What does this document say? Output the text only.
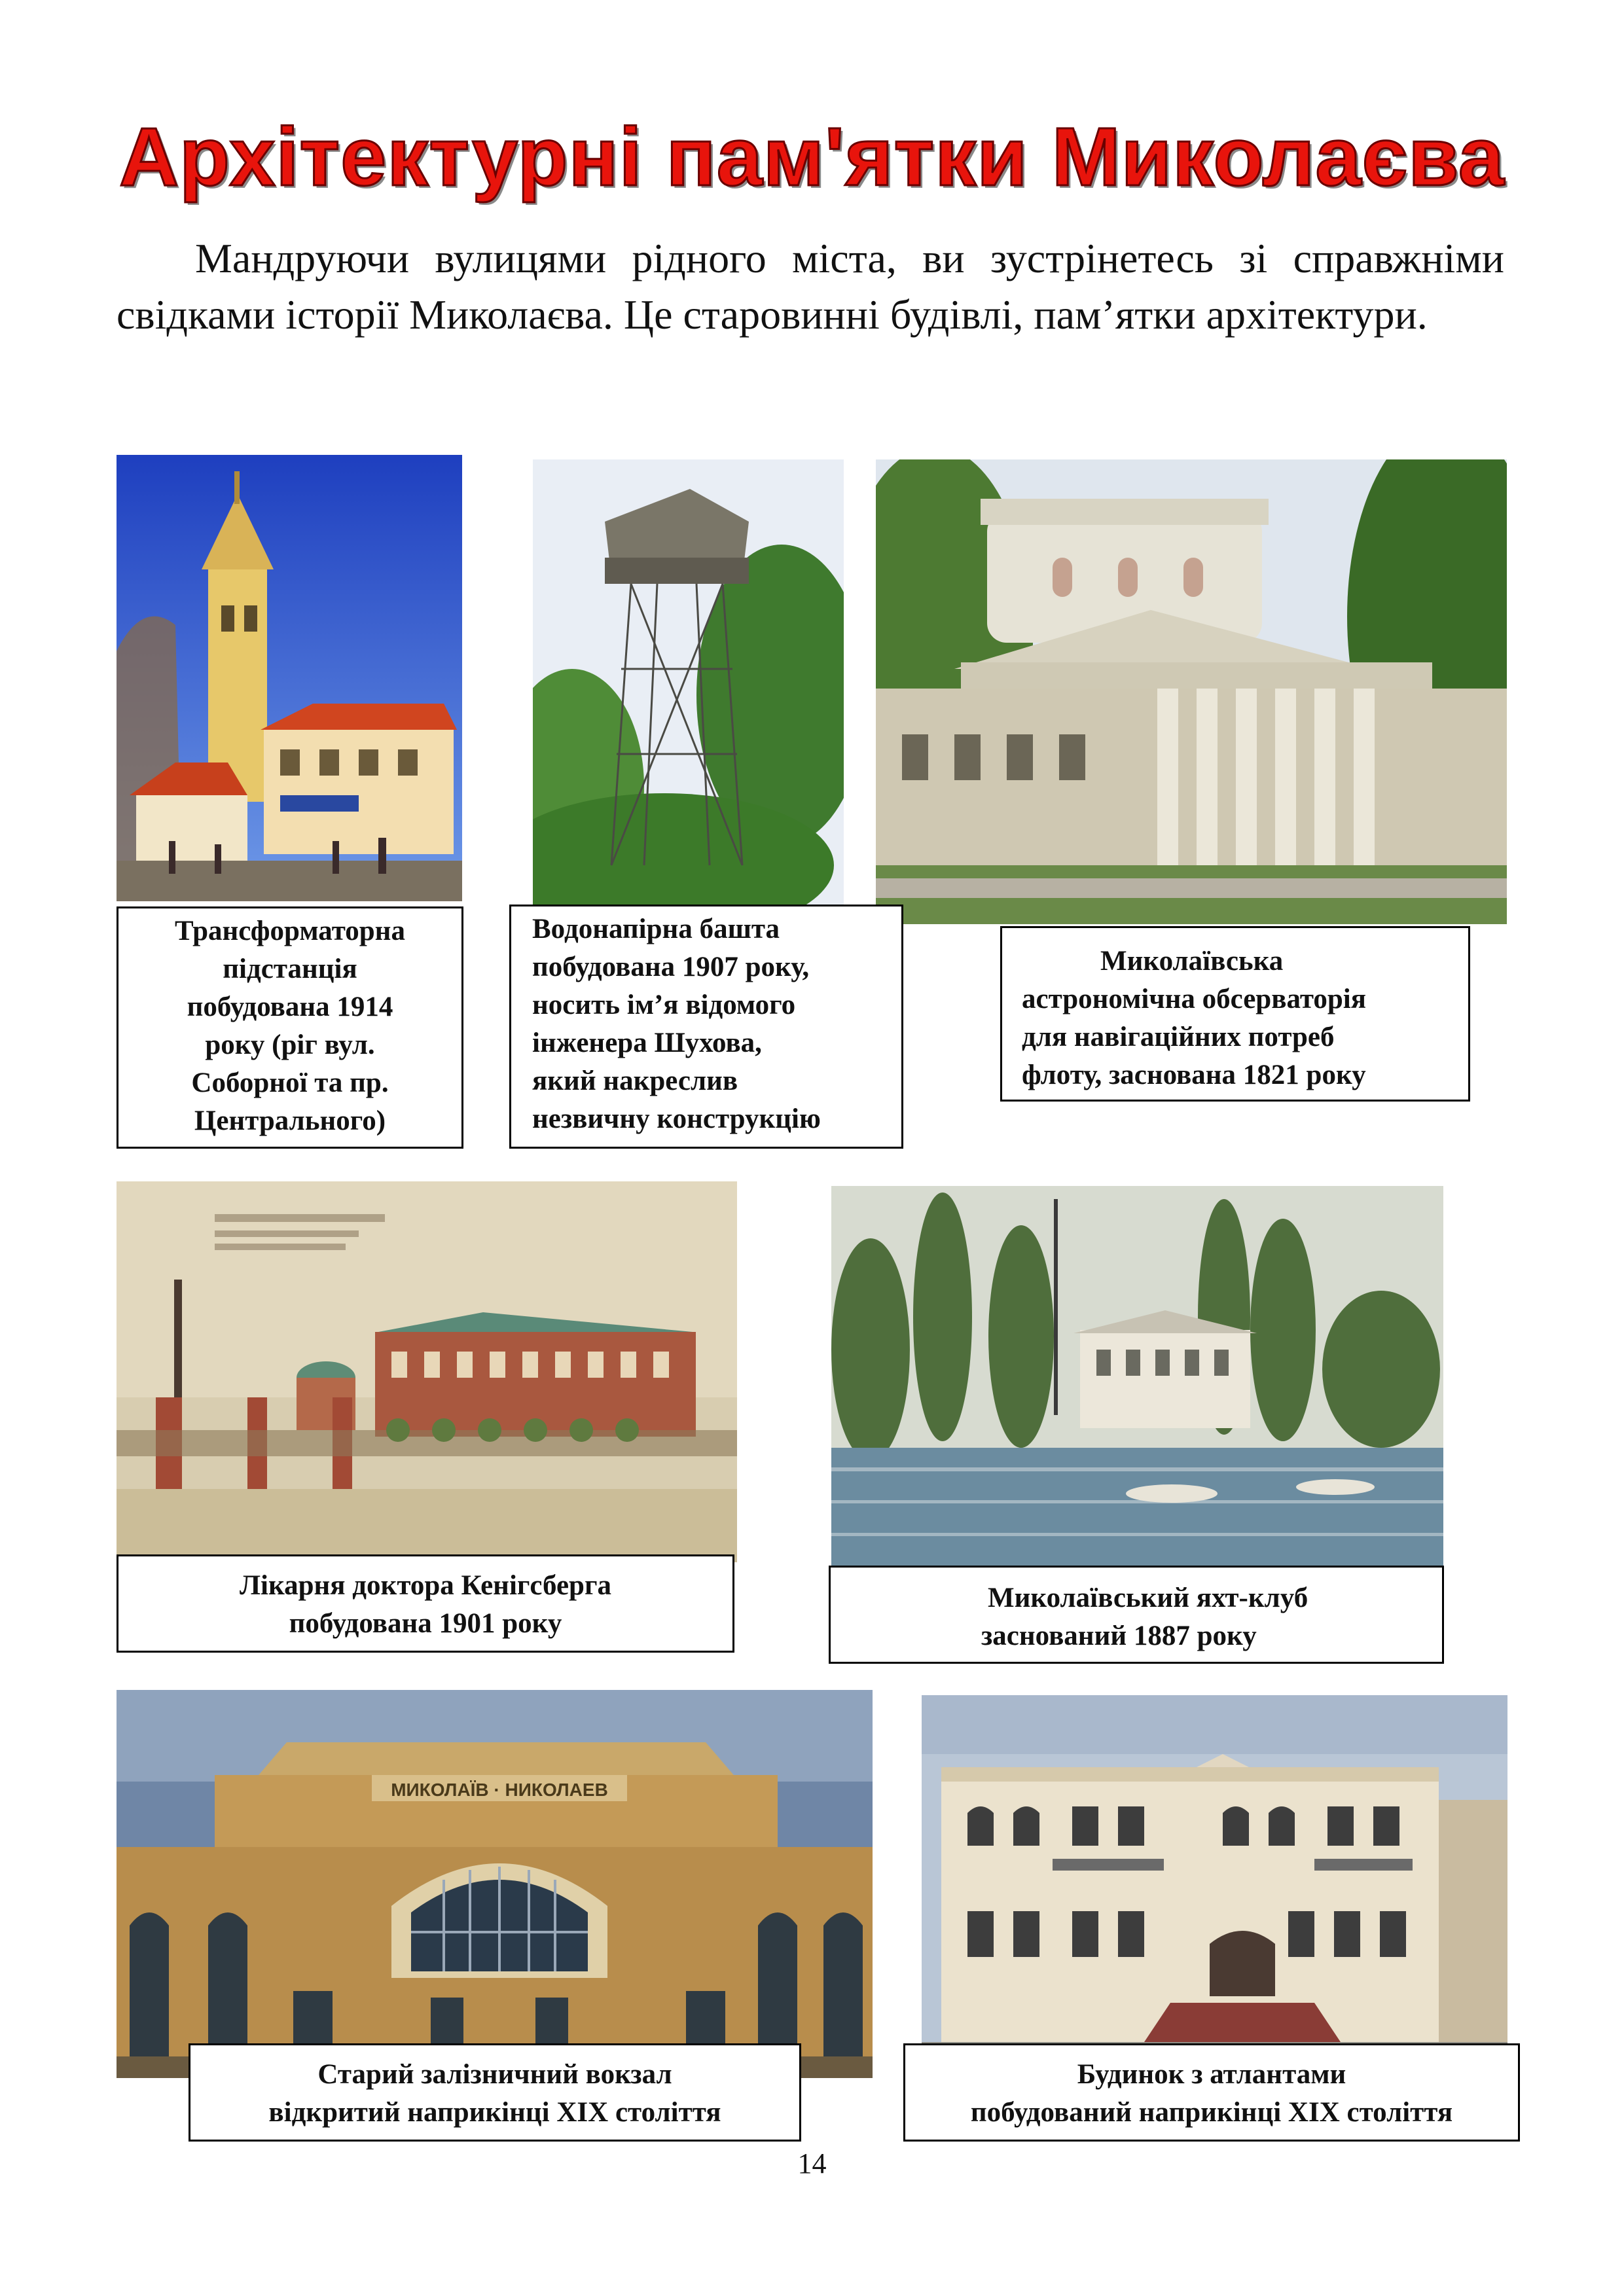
Архітектурні пам'ятки Миколаєва
Мандруючи вулицями рідного міста, ви зустрінетесь зі справжніми свідками історії Миколаєва. Це старовинні будівлі, пам’ятки архітектури.
Трансформаторна
підстанція
побудована 1914
року (ріг вул.
Соборної та пр.
Центрального)
Водонапірна башта
побудована 1907 року,
носить ім’я відомого
інженера Шухова,
який накреслив
незвичну конструкцію
Миколаївська
астрономічна обсерваторія
для навігаційних потреб
флоту, заснована 1821 року
Лікарня доктора Кенігсберга
побудована 1901 року
Миколаївський яхт-клуб
заснований 1887 року
МИКОЛАЇВ · НИКОЛАЕВ
Старий залізничний вокзал
відкритий наприкінці XIX століття
Будинок з атлантами
побудований наприкінці XIX століття
14
